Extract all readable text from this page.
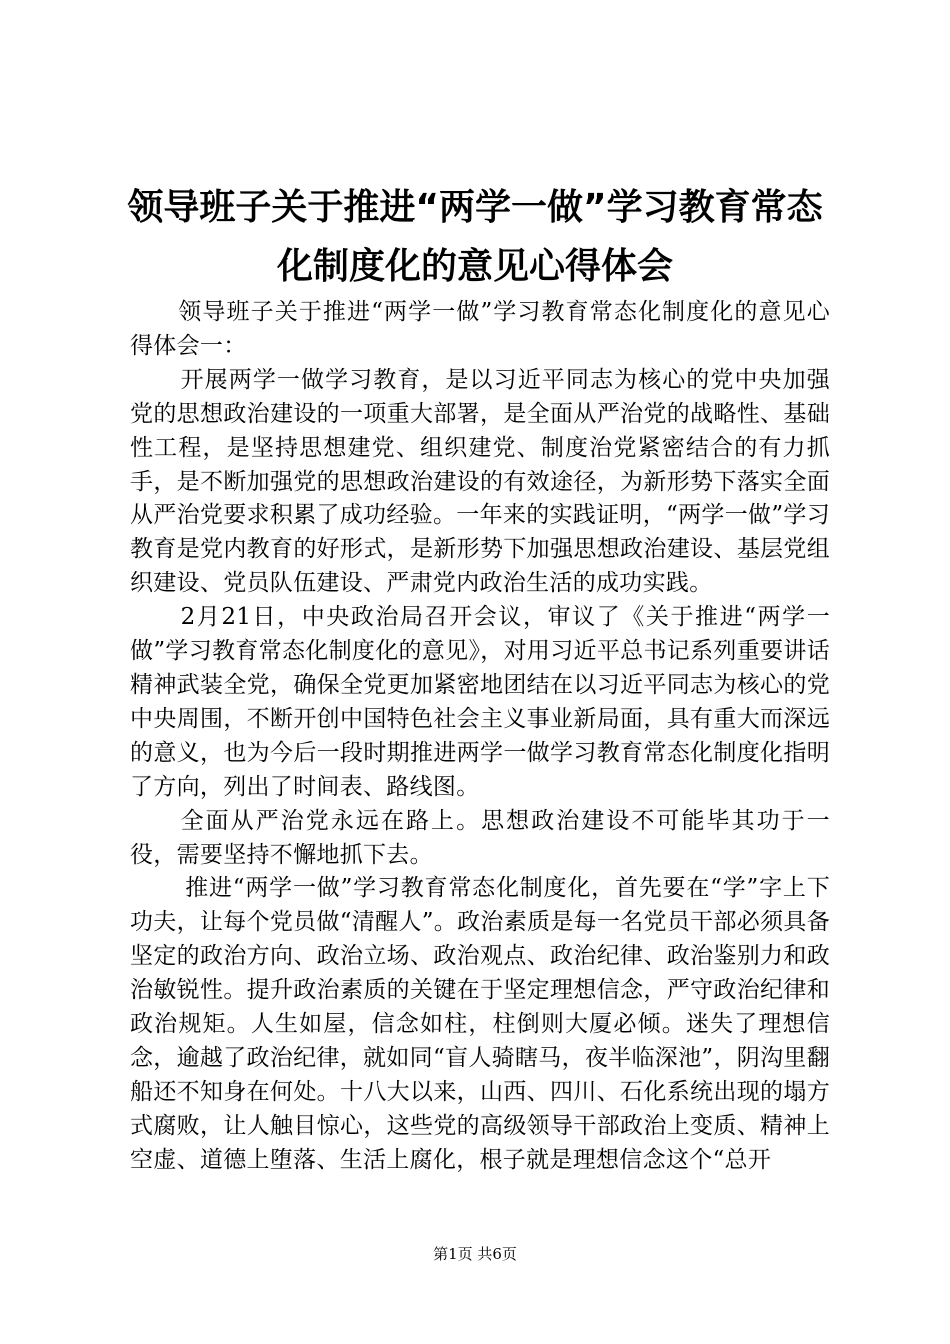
领导班子关于推进“两学一做”学习教育常态
化制度化的意见心得体会

领导班子关于推进“两学一做”学习教育常态化制度化的意见心得体会一：

开展两学一做学习教育，是以习近平同志为核心的党中央加强党的思想政治建设的一项重大部署，是全面从严治党的战略性、基础性工程，是坚持思想建党、组织建党、制度治党紧密结合的有力抓手，是不断加强党的思想政治建设的有效途径，为新形势下落实全面从严治党要求积累了成功经验。一年来的实践证明，“两学一做”学习教育是党内教育的好形式，是新形势下加强思想政治建设、基层党组织建设、党员队伍建设、严肃党内政治生活的成功实践。

2月21日，中央政治局召开会议，审议了《关于推进“两学一做”学习教育常态化制度化的意见》，对用习近平总书记系列重要讲话精神武装全党，确保全党更加紧密地团结在以习近平同志为核心的党中央周围，不断开创中国特色社会主义事业新局面，具有重大而深远的意义，也为今后一段时期推进两学一做学习教育常态化制度化指明了方向，列出了时间表、路线图。

全面从严治党永远在路上。思想政治建设不可能毕其功于一役，需要坚持不懈地抓下去。

推进“两学一做”学习教育常态化制度化，首先要在“学”字上下功夫，让每个党员做“清醒人”。政治素质是每一名党员干部必须具备坚定的政治方向、政治立场、政治观点、政治纪律、政治鉴别力和政治敏锐性。提升政治素质的关键在于坚定理想信念，严守政治纪律和政治规矩。人生如屋，信念如柱，柱倒则大厦必倾。迷失了理想信念，逾越了政治纪律，就如同“盲人骑瞎马，夜半临深池”，阴沟里翻船还不知身在何处。十八大以来，山西、四川、石化系统出现的塌方式腐败，让人触目惊心，这些党的高级领导干部政治上变质、精神上空虚、道德上堕落、生活上腐化，根子就是理想信念这个“总开

第1页 共6页
